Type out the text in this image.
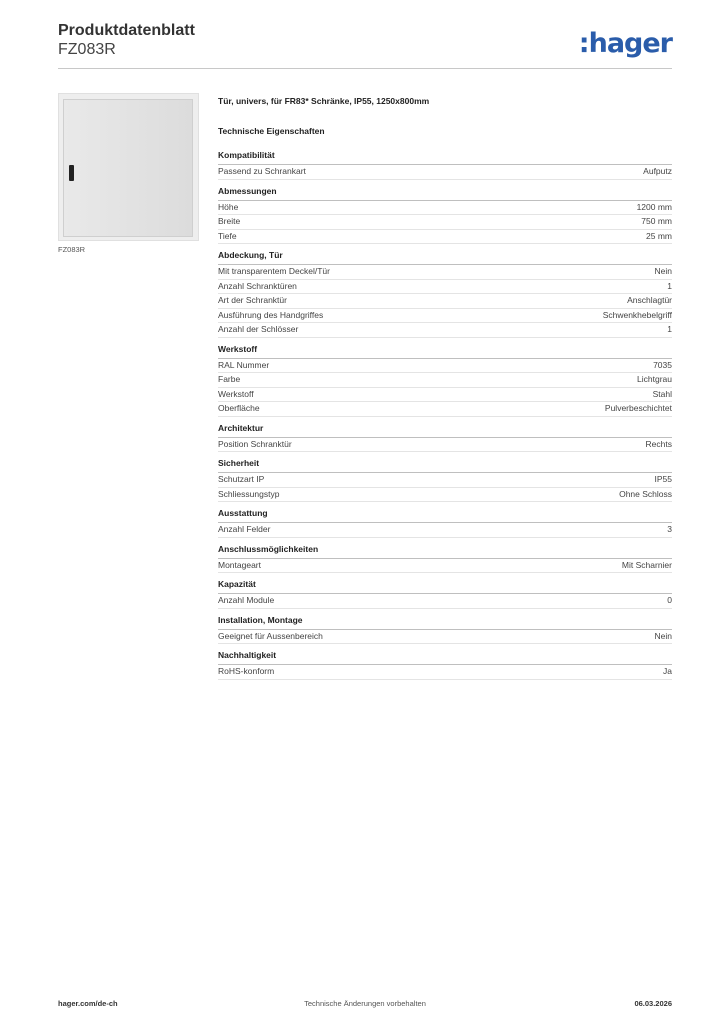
Produktdatenblatt
FZ083R	:hager
FZ083R
Tür, univers, für FR83* Schränke, IP55, 1250x800mm
Technische Eigenschaften
Kompatibilität
Passend zu Schrankart	Aufputz
Abmessungen
Höhe	1200 mm
Breite	750 mm
Tiefe	25 mm
Abdeckung, Tür
Mit transparentem Deckel/Tür	Nein
Anzahl Schranktüren	1
Art der Schranktür	Anschlagtür
Ausführung des Handgriffes	Schwenkhebelgriff
Anzahl der Schlösser	1
Werkstoff
RAL Nummer	7035
Farbe	Lichtgrau
Werkstoff	Stahl
Oberfläche	Pulverbeschichtet
Architektur
Position Schranktür	Rechts
Sicherheit
Schutzart IP	IP55
Schliessungstyp	Ohne Schloss
Ausstattung
Anzahl Felder	3
Anschlussmöglichkeiten
Montageart	Mit Scharnier
Kapazität
Anzahl Module	0
Installation, Montage
Geeignet für Aussenbereich	Nein
Nachhaltigkeit
RoHS-konform	Ja
hager.com/de-ch	Technische Änderungen vorbehalten	06.03.2026
